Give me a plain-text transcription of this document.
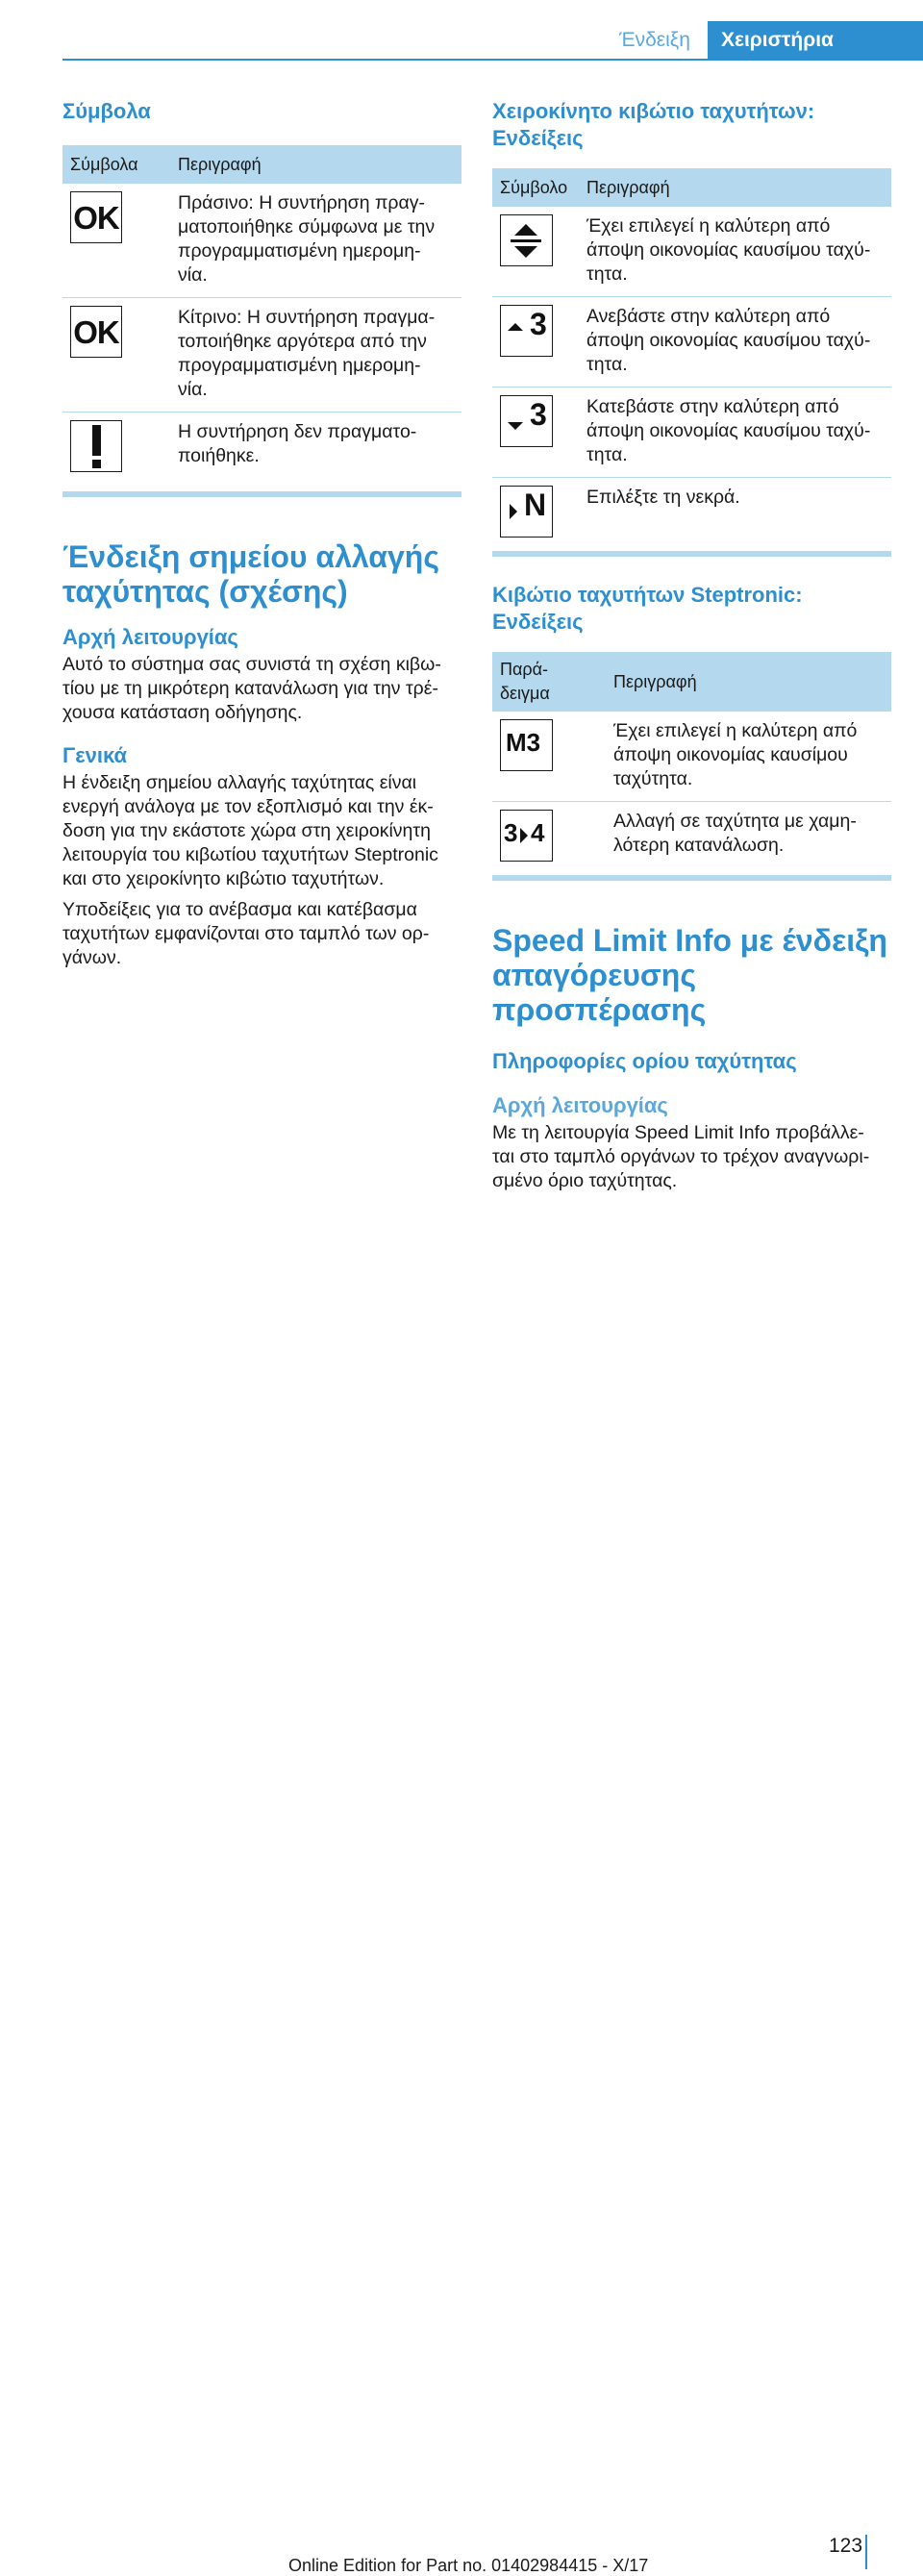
Ένδειξη	Χειριστήρια
Σύμβολα
Σύμβολα	Περιγραφή

OK	Πράσινο: Η συντήρηση πραγ‐ ματοποιήθηκε σύμφωνα με την προγραμματισμένη ημερομη‐ νία.

OK	Κίτρινο: Η συντήρηση πραγμα‐ τοποιήθηκε αργότερα από την προγραμματισμένη ημερομη‐ νία.

	Η συντήρηση δεν πραγματο‐ ποιήθηκε.
Ένδειξη σημείου αλλαγής ταχύτητας (σχέσης)
Αρχή λειτουργίας

Αυτό το σύστημα σας συνιστά τη σχέση κιβω‐ τίου με τη μικρότερη κατανάλωση για την τρέ‐ χουσα κατάσταση οδήγησης.

Γενικά

Η ένδειξη σημείου αλλαγής ταχύτητας είναι ενεργή ανάλογα με τον εξοπλισμό και την έκ‐ δοση για την εκάστοτε χώρα στη χειροκίνητη λειτουργία του κιβωτίου ταχυτήτων Steptronic και στο χειροκίνητο κιβώτιο ταχυτήτων.

Υποδείξεις για το ανέβασμα και κατέβασμα ταχυτήτων εμφανίζονται στο ταμπλό των ορ‐ γάνων.

Χειροκίνητο κιβώτιο ταχυτήτων: Ενδείξεις
Σύμβολο	Περιγραφή

	Έχει επιλεγεί η καλύτερη από άποψη οικονομίας καυσίμου ταχύ‐ τητα.

3	Ανεβάστε στην καλύτερη από άποψη οικονομίας καυσίμου ταχύ‐ τητα.

3	Κατεβάστε στην καλύτερη από άποψη οικονομίας καυσίμου ταχύ‐ τητα.

N	Επιλέξτε τη νεκρά.
Κιβώτιο ταχυτήτων Steptronic: Ενδείξεις
Παρά‐ δειγμα	Περιγραφή

M3	Έχει επιλεγεί η καλύτερη από άποψη οικονομίας καυσίμου ταχύτητα.

3 4	Αλλαγή σε ταχύτητα με χαμη‐ λότερη κατανάλωση.
Speed Limit Info με ένδειξη απαγόρευσης προσπέρασης
Πληροφορίες ορίου ταχύτητας
Αρχή λειτουργίας

Με τη λειτουργία Speed Limit Info προβάλλε‐ ται στο ταμπλό οργάνων το τρέχον αναγνωρι‐ σμένο όριο ταχύτητας.

123
Online Edition for Part no. 01402984415 - X/17
